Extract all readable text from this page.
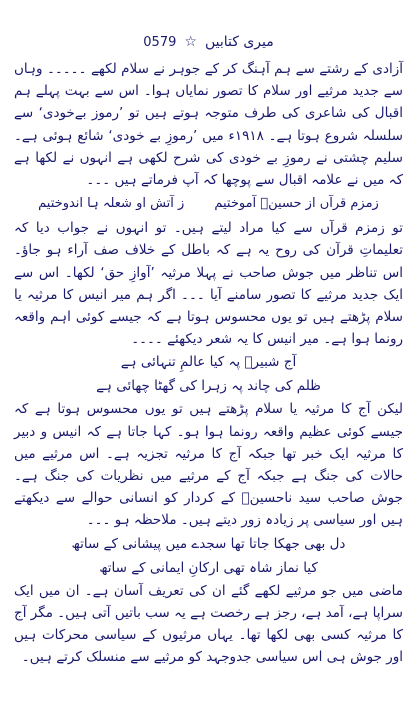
میری کتابیں
☆
0579

آزادی کے رشتے سے ہم آہنگ کر کے جوہر نے سلام لکھے ۔۔۔۔۔ وہاں سے جدید مرثیے اور سلام کا تصور نمایاں ہوا۔ اس سے بہت پہلے ہم اقبال کی شاعری کی طرف متوجہ ہوتے ہیں تو ’رموز بےخودی‘ سے سلسلہ شروع ہوتا ہے۔ ۱۹۱۸ء میں ’رموزِ بے خودی‘ شائع ہوئی ہے۔ سلیم چشتی نے رموزِ بے خودی کی شرح لکھی ہے انہوں نے لکھا ہے کہ میں نے علامہ اقبال سے پوچھا کہ آپ فرماتے ہیں ۔۔۔

زمزم قرآں از حسینؓ آموختیم
ز آتش او شعلہ ہا اندوختیم

تو زمزم قرآں سے کیا مراد لیتے ہیں۔ تو انہوں نے جواب دیا کہ تعلیماتِ قرآن کی روح یہ ہے کہ باطل کے خلاف صف آراء ہو جاؤ۔ اس تناظر میں جوش صاحب نے پہلا مرثیہ ’آوازِ حق‘ لکھا۔ اس سے ایک جدید مرثیے کا تصور سامنے آیا ۔۔۔ اگر ہم میر انیس کا مرثیہ یا سلام پڑھتے ہیں تو یوں محسوس ہوتا ہے کہ جیسے کوئی اہم واقعہ رونما ہوا ہے۔ میر انیس کا یہ شعر دیکھئے ۔۔۔۔

آج شبیرؓ پہ کیا عالمِ تنہائی ہے

ظلم کی چاند پہ زہرا کی گھٹا چھائی ہے

لیکن آج کا مرثیہ یا سلام پڑھتے ہیں تو یوں محسوس ہوتا ہے کہ جیسے کوئی عظیم واقعہ رونما ہوا ہو۔ کہا جاتا ہے کہ انیس و دبیر کا مرثیہ ایک خبر تھا جبکہ آج کا مرثیہ تجزیہ ہے۔ اس مرثیے میں حالات کی جنگ ہے جبکہ آج کے مرثیے میں نظریات کی جنگ ہے۔ جوش صاحب سید ناحسینؓ کے کردار کو انسانی حوالے سے دیکھتے ہیں اور سیاسی پر زیادہ زور دیتے ہیں۔ ملاحظہ ہو ۔۔۔

دل بھی جھکا جاتا تھا سجدے میں پیشانی کے ساتھ

کیا نماز شاہ تھی ارکانِ ایمانی کے ساتھ

ماضی میں جو مرثیے لکھے گئے ان کی تعریف آسان ہے۔ ان میں ایک سراپا ہے، آمد ہے، رجز ہے رخصت ہے یہ سب باتیں آتی ہیں۔ مگر آج کا مرثیہ کسی بھی لکھا تھا۔ یہاں مرثیوں کے سیاسی محرکات ہیں اور جوش ہی اس سیاسی جدوجہد کو مرثیے سے منسلک کرتے ہیں۔
